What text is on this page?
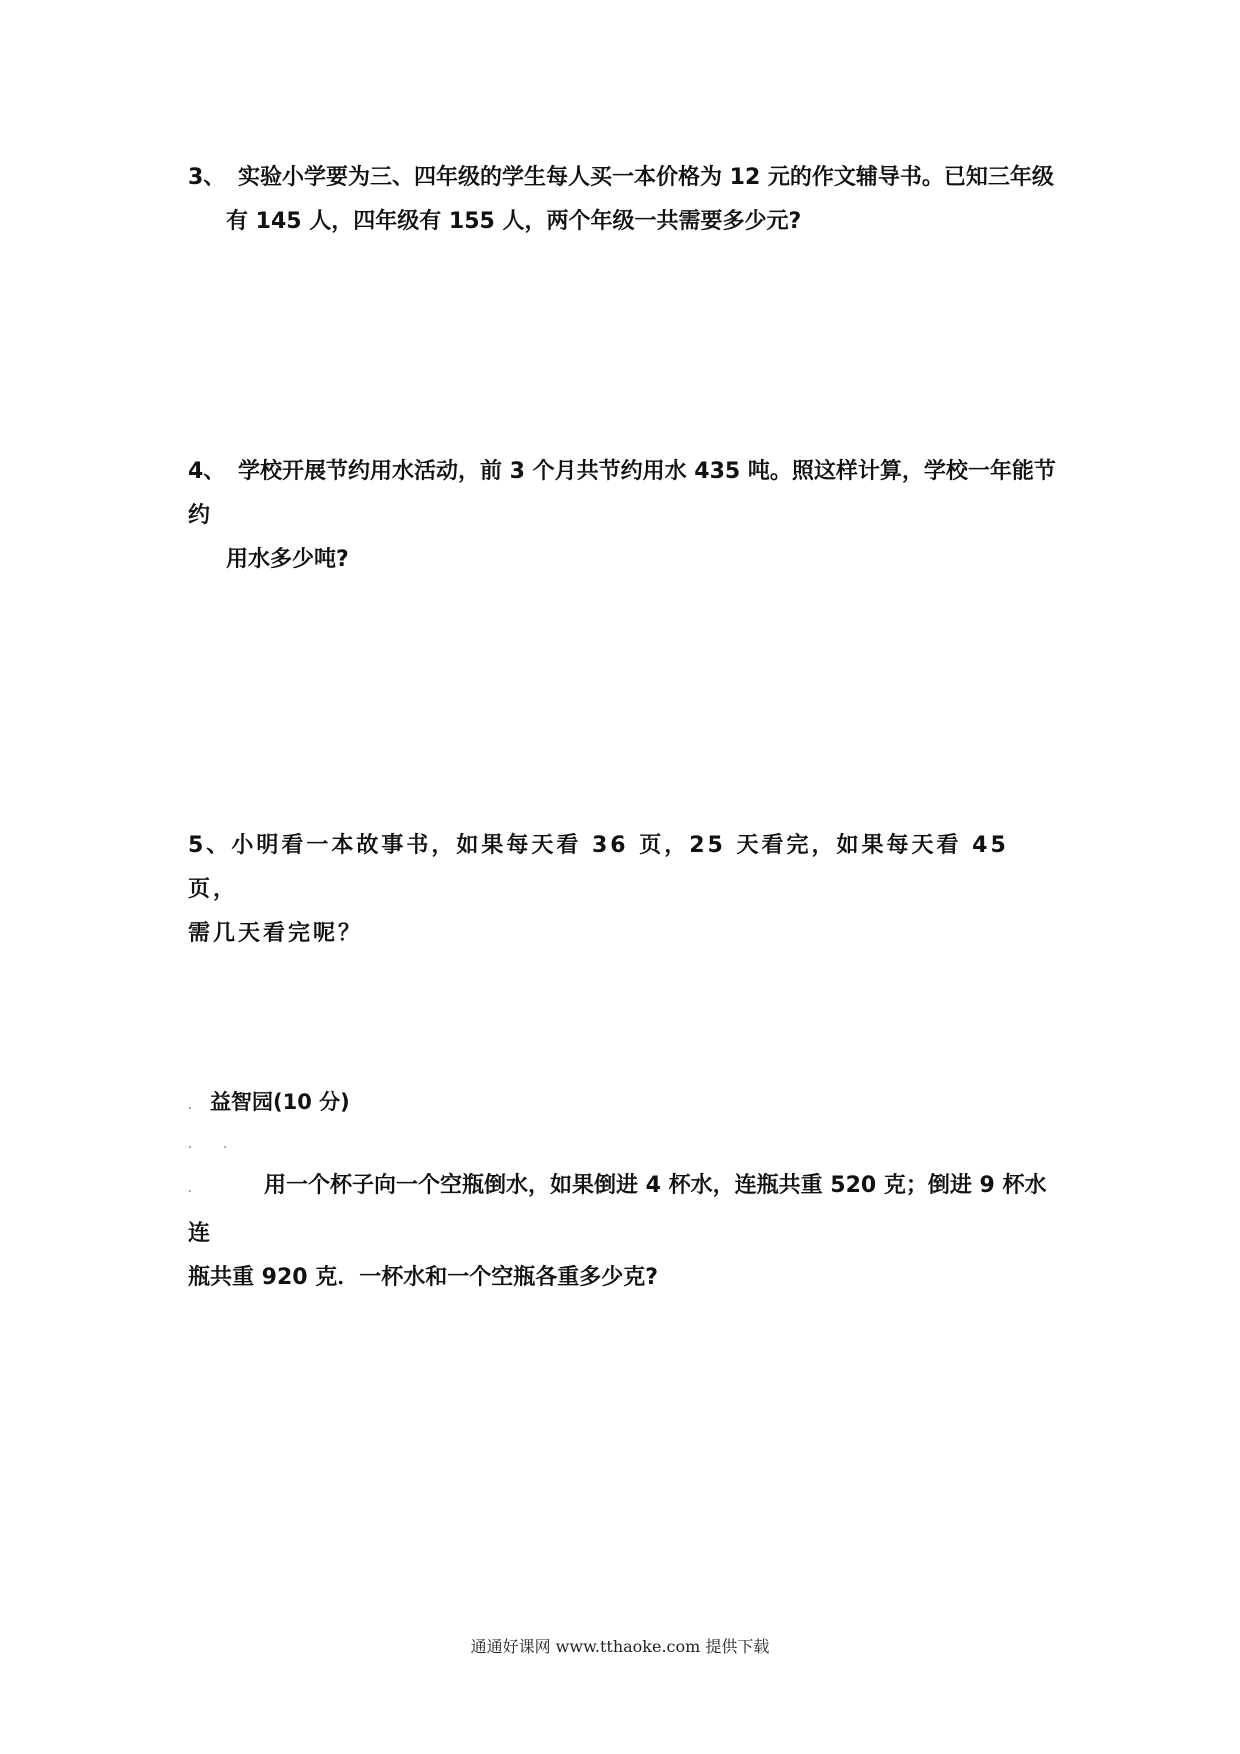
3、 实验小学要为三、四年级的学生每人买一本价格为 12 元的作文辅导书。已知三年级
有 145 人，四年级有 155 人，两个年级一共需要多少元?
4、 学校开展节约用水活动，前 3 个月共节约用水 435 吨。照这样计算，学校一年能节约
用水多少吨?
5、小明看一本故事书，如果每天看 36 页，25 天看完，如果每天看 45 页，
需几天看完呢？
. 益智园(10 分)
. . .	用一个杯子向一个空瓶倒水，如果倒进 4 杯水，连瓶共重 520 克；倒进 9 杯水连
瓶共重 920 克．一杯水和一个空瓶各重多少克?
通通好课网 www.tthaoke.com 提供下载
